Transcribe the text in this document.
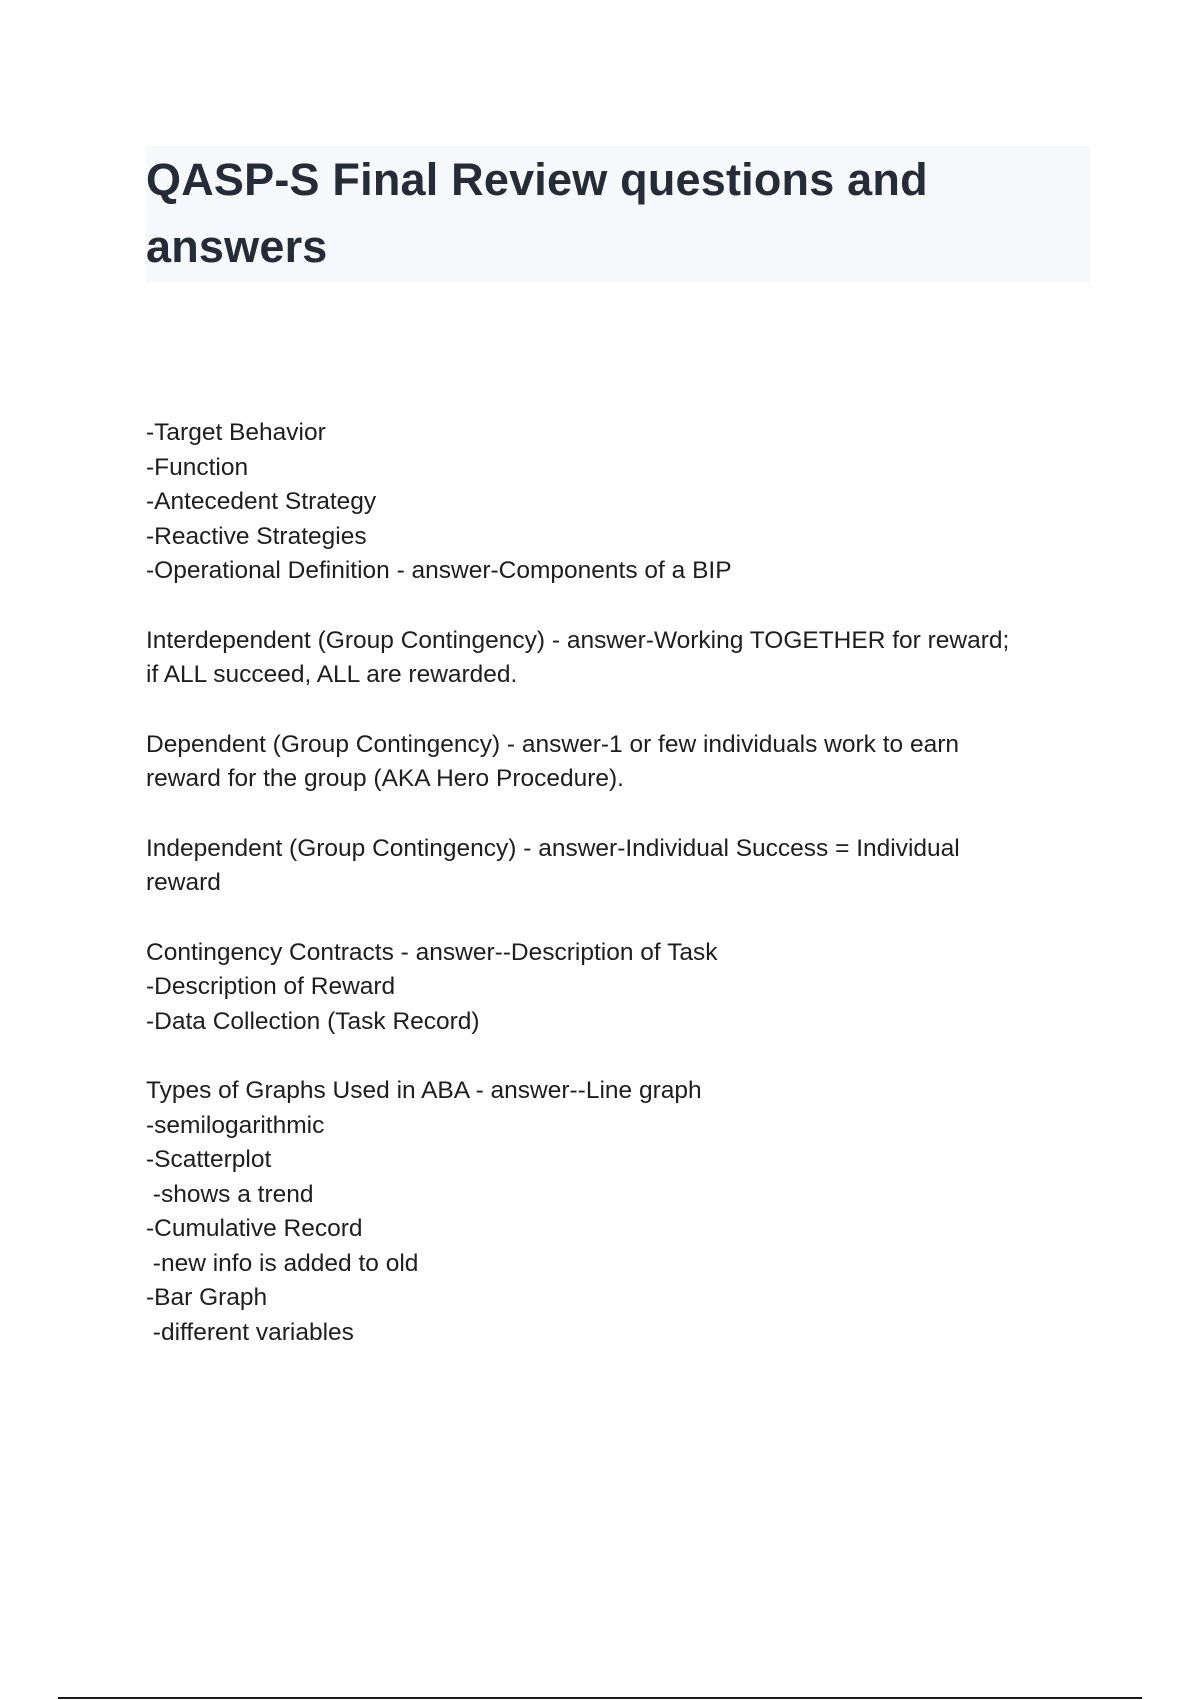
QASP-S Final Review questions and
answers
-Target Behavior
-Function
-Antecedent Strategy
-Reactive Strategies
-Operational Definition - answer-Components of a BIP
Interdependent (Group Contingency) - answer-Working TOGETHER for reward;
if ALL succeed, ALL are rewarded.
Dependent (Group Contingency) - answer-1 or few individuals work to earn
reward for the group (AKA Hero Procedure).
Independent (Group Contingency) - answer-Individual Success = Individual
reward
Contingency Contracts - answer--Description of Task
-Description of Reward
-Data Collection (Task Record)
Types of Graphs Used in ABA - answer--Line graph
-semilogarithmic
-Scatterplot
-shows a trend
-Cumulative Record
-new info is added to old
-Bar Graph
-different variables
